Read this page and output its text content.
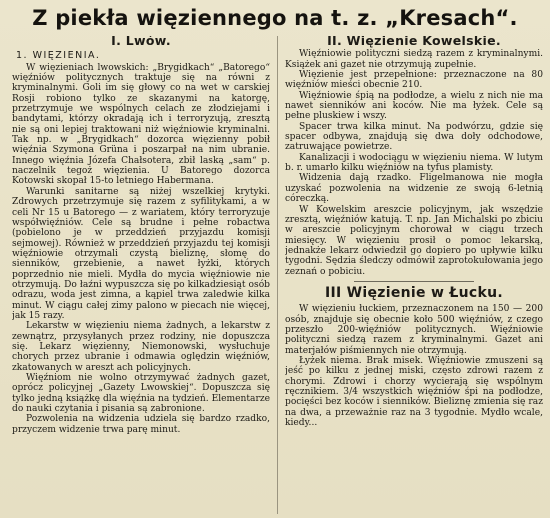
Z piekła więziennego na t. z. „Kresach“.
I. Lwów.
1. WIĘZIENIA.

W więzieniach lwowskich: „Brygidkach“ „Batorego“ więźniów politycznych traktuje się na równi z kryminalnymi. Goli im się głowy co na wet w carskiej Rosji robiono tylko ze skazanymi na katorgę, przetrzymuje we wspólnych celach ze złodziejami i bandytami, którzy okradają ich i terroryzują, zresztą nie są oni lepiej traktowani niż więźniowie kryminalni. Tak np. w „Brygidkach“ dozorca więzienny pobił więźnia Szymona Grüna i poszarpał na nim ubranie. Innego więźnia Józefa Chałsotera, zbił laską „sam“ p. naczelnik tegoż więzienia. U Batorego dozorca Kotowski skopał 15-to letniego Habermana.

Warunki sanitarne są niżej wszelkiej krytyki. Zdrowych przetrzymuje się razem z syfilitykami, a w celi Nr 15 u Batorego — z wariatem, który terroryzuje współwięźniów. Cele są brudne i pełne robactwa (pobielono je w przeddzień przyjazdu komisji sejmowej). Również w przeddzień przyjazdu tej komisji więźniowie otrzymali czystą bieliznę, słomę do sienników, grzebienie, a nawet łyżki, których poprzednio nie mieli. Mydła do mycia więźniowie nie otrzymują. Do łaźni wypuszcza się po kilkadziesiąt osób odrazu, woda jest zimna, a kąpiel trwa zaledwie kilka minut. W ciągu całej zimy palono w piecach nie więcej, jak 15 razy.

Lekarstw w więzieniu niema żadnych, a lekarstw z zewnątrz, przysyłanych przez rodziny, nie dopuszcza się. Lekarz więzienny, Niemonowski, wysłuchuje chorych przez ubranie i odmawia oględzin więźniów, zkatowanych w areszt ach policyjnych.

Więźniom nie wolno otrzymywać żadnych gazet, oprócz policyjnej „Gazety Lwowskiej“. Dopuszcza się tylko jedną książkę dla więźnia na tydzień. Elementarze do nauki czytania i pisania są zabronione.

Pozwolenia na widzenia udziela się bardzo rzadko, przyczem widzenie trwa parę minut.

II. Więzienie Kowelskie.

Więźniowie polityczni siedzą razem z kryminalnymi. Książek ani gazet nie otrzymują zupełnie.

Więzienie jest przepełnione: przeznaczone na 80 więźniów mieści obecnie 210.

Więźniowie śpią na podłodze, a wielu z nich nie ma nawet sienników ani koców. Nie ma łyżek. Cele są pełne pluskiew i wszy.

Spacer trwa kilka minut. Na podwórzu, gdzie się spacer odbywa, znajdują się dwa doły odchodowe, zatruwające powietrze.

Kanalizacji i wodociągu w więzieniu niema. W lutym b. r. umarło kilku więźniów na tyfus plamisty.

Widzenia dają rzadko. Fligelmanowa nie mogła uzyskać pozwolenia na widzenie ze swoją 6-letnią córeczką.

W Kowelskim areszcie policyjnym, jak wszędzie zresztą, więźniów katują. T. np. Jan Michalski po zbiciu w areszcie policyjnym chorował w ciągu trzech miesięcy. W więzieniu prosił o pomoc lekarską, jednakże lekarz odwiedził go dopiero po upływie kilku tygodni. Sędzia śledczy odmówił zaprotokułowania jego zeznań o pobiciu.

III Więzienie w Łucku.

W więzieniu łuckiem, przeznaczonem na 150 — 200 osób, znajduje się obecnie koło 500 więźniów, z czego przeszło 200-więźniów politycznych. Więźniowie polityczni siedzą razem z kryminalnymi. Gazet ani materjałów piśmiennych nie otrzymują.

Łyżek niema. Brak misek. Więźniowie zmuszeni są jeść po kilku z jednej miski, często zdrowi razem z chorymi. Zdrowi i chorzy wycierają się wspólnym ręcznikiem. 3/4 wszystkich więźniów śpi na podłodze, pocięści bez koców i sienników. Bieliznę zmienia się raz na dwa, a przeważnie raz na 3 tygodnie. Mydło wcale, kiedy...
